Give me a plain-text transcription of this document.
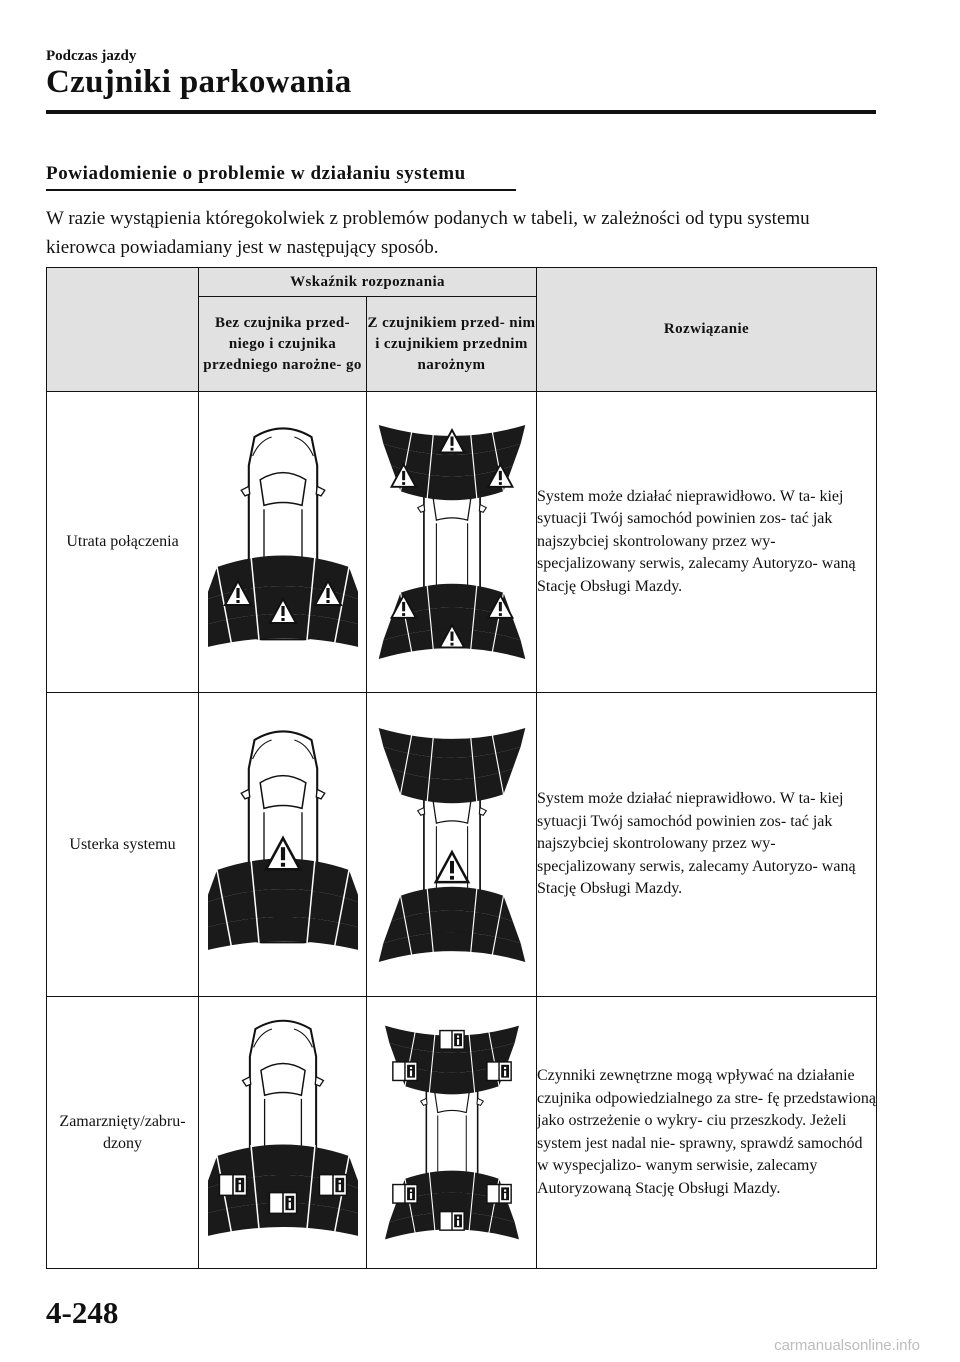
Podczas jazdy
Czujniki parkowania
Powiadomienie o problemie w działaniu systemu
W razie wystąpienia któregokolwiek z problemów podanych w tabeli, w zależności od typu systemu kierowca powiadamiany jest w następujący sposób.
	Wskaźnik rozpoznania		Rozwiązanie
	Bez czujnika przed- niego i czujnika przedniego narożne- go	Z czujnikiem przed- nim i czujnikiem przednim narożnym	
Utrata połączenia			System może działać nieprawidłowo. W ta- kiej sytuacji Twój samochód powinien zos- tać jak najszybciej skontrolowany przez wy- specjalizowany serwis, zalecamy Autoryzo- waną Stację Obsługi Mazdy.
Usterka systemu			System może działać nieprawidłowo. W ta- kiej sytuacji Twój samochód powinien zos- tać jak najszybciej skontrolowany przez wy- specjalizowany serwis, zalecamy Autoryzo- waną Stację Obsługi Mazdy.
Zamarznięty/zabru- dzony			Czynniki zewnętrzne mogą wpływać na działanie czujnika odpowiedzialnego za stre- fę przedstawioną jako ostrzeżenie o wykry- ciu przeszkody. Jeżeli system jest nadal nie- sprawny, sprawdź samochód w wyspecjalizo- wanym serwisie, zalecamy Autoryzowaną Stację Obsługi Mazdy.
4-248
carmanualsonline.info
